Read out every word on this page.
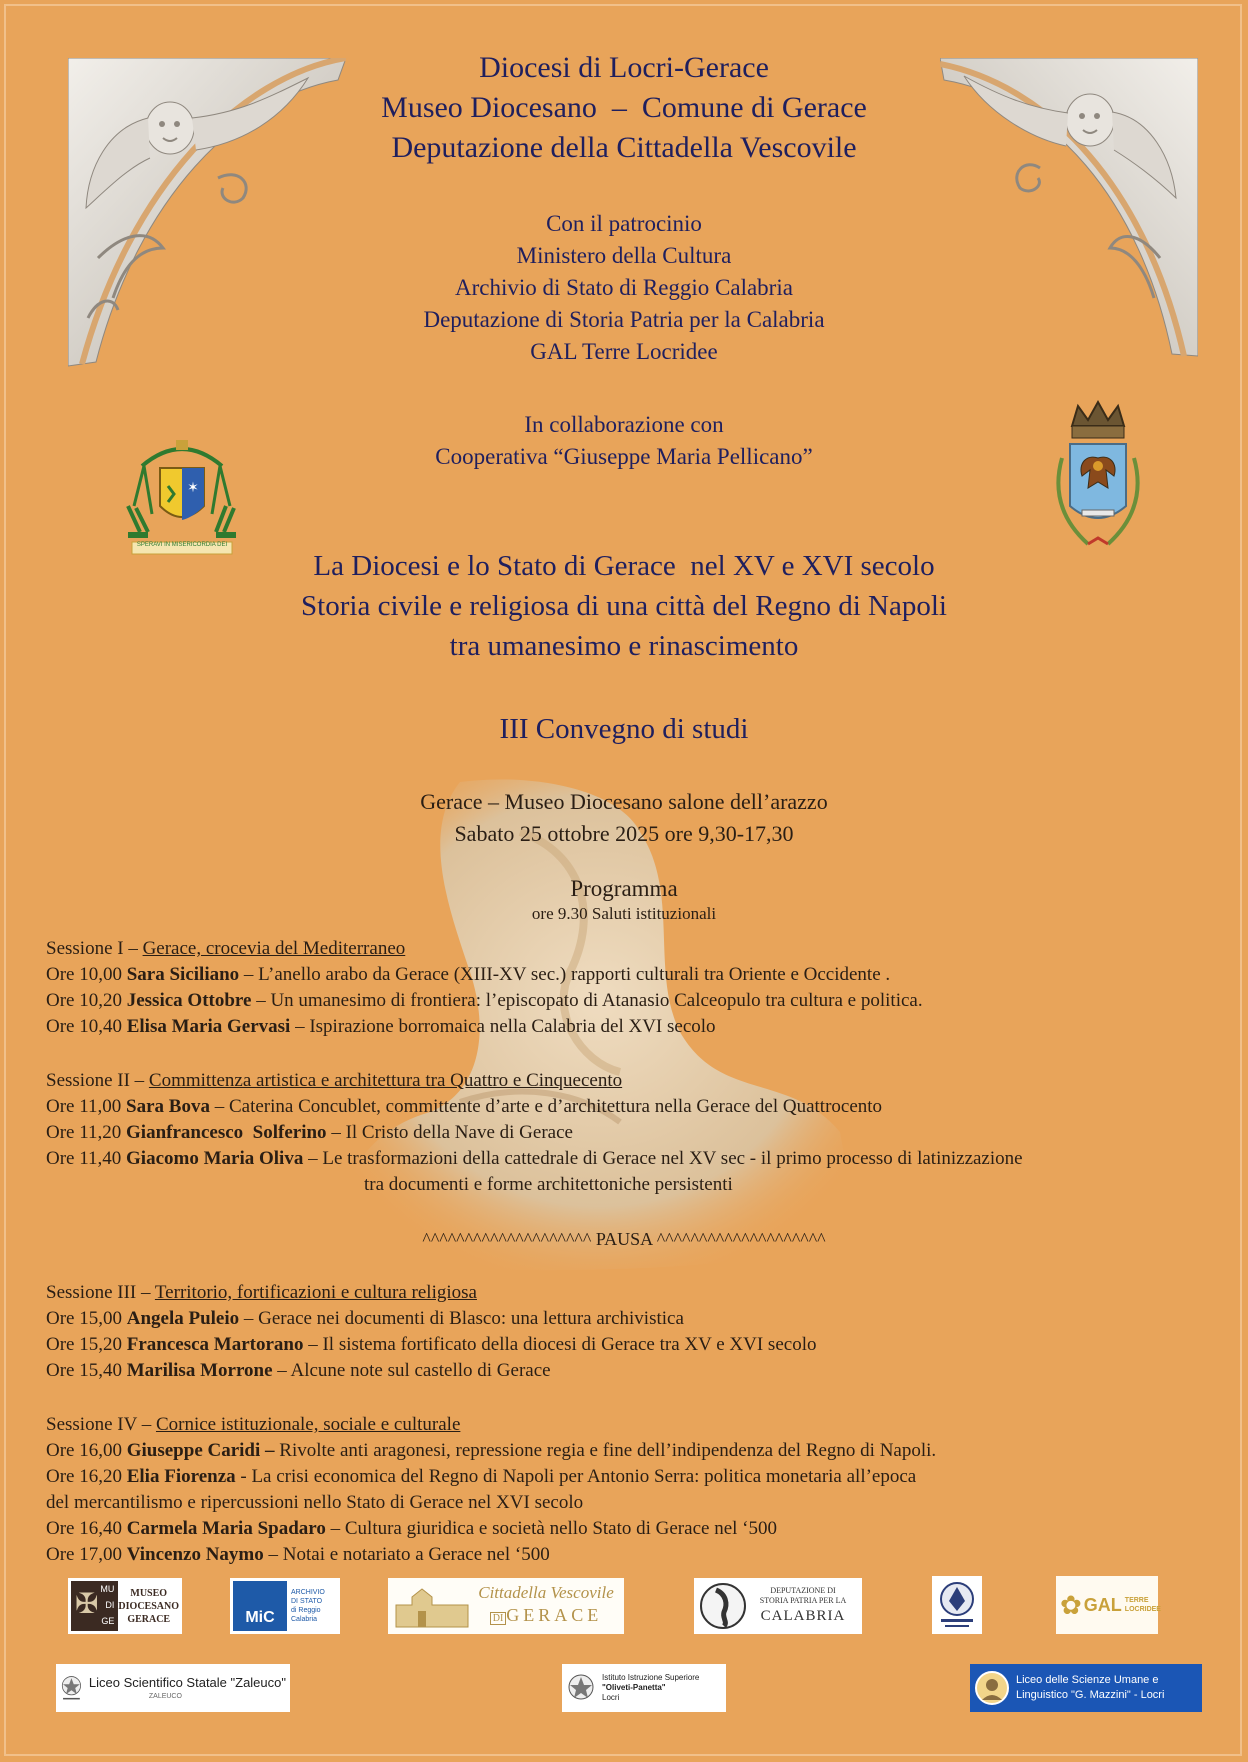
Diocesi di Locri-Gerace
Museo Diocesano  –  Comune di Gerace
Deputazione della Cittadella Vescovile
Con il patrocinio
Ministero della Cultura
Archivio di Stato di Reggio Calabria
Deputazione di Storia Patria per la Calabria
GAL Terre Locridee
In collaborazione con
Cooperativa “Giuseppe Maria Pellicano”
✶
SPERAVI IN MISERICORDIA DEI
La Diocesi e lo Stato di Gerace  nel XV e XVI secolo
Storia civile e religiosa di una città del Regno di Napoli
tra umanesimo e rinascimento
III Convegno di studi
Gerace – Museo Diocesano salone dell’arazzo
Sabato 25 ottobre 2025 ore 9,30-17,30
Programma
ore 9.30 Saluti istituzionali
Sessione I – Gerace, crocevia del Mediterraneo
Ore 10,00 Sara Siciliano – L’anello arabo da Gerace (XIII-XV sec.) rapporti culturali tra Oriente e Occidente .
Ore 10,20 Jessica Ottobre – Un umanesimo di frontiera: l’episcopato di Atanasio Calceopulo tra cultura e politica.
Ore 10,40 Elisa Maria Gervasi – Ispirazione borromaica nella Calabria del XVI secolo
Sessione II – Committenza artistica e architettura tra Quattro e Cinquecento
Ore 11,00 Sara Bova – Caterina Concublet, committente d’arte e d’architettura nella Gerace del Quattrocento
Ore 11,20 Gianfrancesco  Solferino – Il Cristo della Nave di Gerace
Ore 11,40 Giacomo Maria Oliva – Le trasformazioni della cattedrale di Gerace nel XV sec - il primo processo di latinizzazione
tra documenti e forme architettoniche persistenti
^^^^^^^^^^^^^^^^^^^^ PAUSA ^^^^^^^^^^^^^^^^^^^^
Sessione III – Territorio, fortificazioni e cultura religiosa
Ore 15,00 Angela Puleio – Gerace nei documenti di Blasco: una lettura archivistica
Ore 15,20 Francesca Martorano – Il sistema fortificato della diocesi di Gerace tra XV e XVI secolo
Ore 15,40 Marilisa Morrone – Alcune note sul castello di Gerace
Sessione IV – Cornice istituzionale, sociale e culturale
Ore 16,00 Giuseppe Caridi – Rivolte anti aragonesi, repressione regia e fine dell’indipendenza del Regno di Napoli.
Ore 16,20 Elia Fiorenza - La crisi economica del Regno di Napoli per Antonio Serra: politica monetaria all’epoca
del mercantilismo e ripercussioni nello Stato di Gerace nel XVI secolo
Ore 16,40 Carmela Maria Spadaro – Cultura giuridica e società nello Stato di Gerace nel ‘500
Ore 17,00 Vincenzo Naymo – Notai e notariato a Gerace nel ‘500
✠ MU
DI
GE
MUSEO
DIOCESANO
GERACE	MiC
ARCHIVIO
DI STATO
di Reggio Calabria
Cittadella Vescovile
DI GERACE
DEPUTAZIONE DI
STORIA PATRIA PER LA
CALABRIA	✿ GAL TERRE
LOCRIDEE
Liceo Scientifico Statale "Zaleuco"
ZALEUCO
Istituto Istruzione Superiore
"Oliveti-Panetta"
Locri
Liceo delle Scienze Umane e
Linguistico "G. Mazzini" - Locri
